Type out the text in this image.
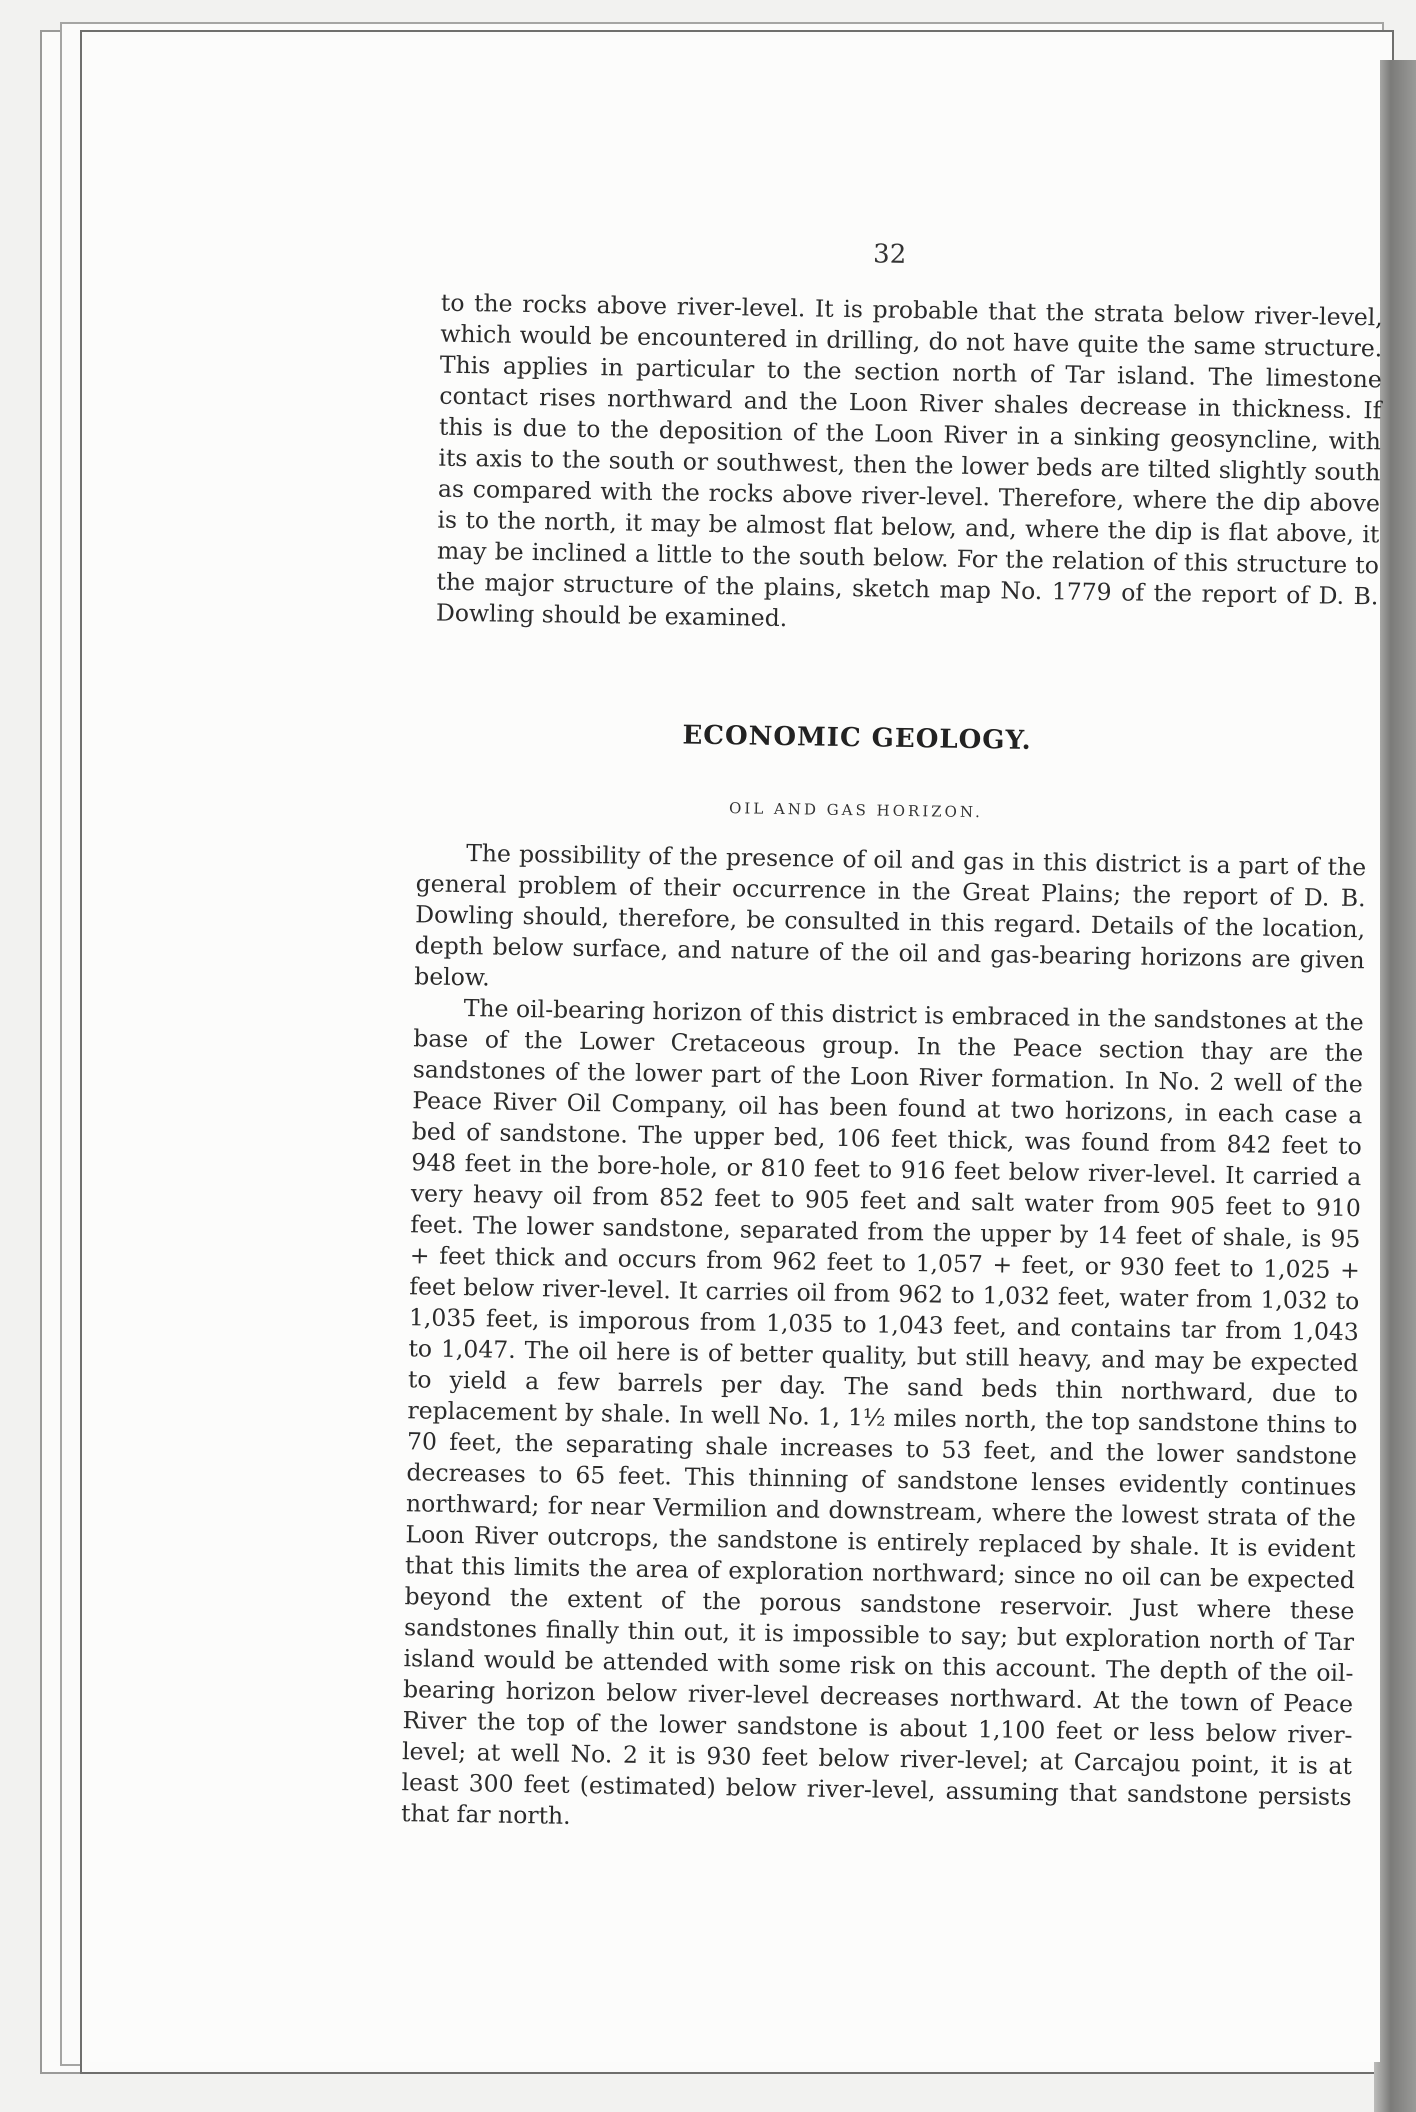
32

to the rocks above river-level. It is probable that the strata below river-level, which would be encountered in drilling, do not have quite the same structure. This applies in particular to the section north of Tar island. The limestone contact rises northward and the Loon River shales decrease in thickness. If this is due to the deposition of the Loon River in a sinking geosyncline, with its axis to the south or southwest, then the lower beds are tilted slightly south as compared with the rocks above river-level. Therefore, where the dip above is to the north, it may be almost flat below, and, where the dip is flat above, it may be inclined a little to the south below. For the relation of this structure to the major structure of the plains, sketch map No. 1779 of the report of D. B. Dowling should be examined.

ECONOMIC GEOLOGY.
OIL AND GAS HORIZON.

The possibility of the presence of oil and gas in this district is a part of the general problem of their occurrence in the Great Plains; the report of D. B. Dowling should, therefore, be consulted in this regard. Details of the location, depth below surface, and nature of the oil and gas-bearing horizons are given below.

The oil-bearing horizon of this district is embraced in the sandstones at the base of the Lower Cretaceous group. In the Peace section thay are the sandstones of the lower part of the Loon River formation. In No. 2 well of the Peace River Oil Company, oil has been found at two horizons, in each case a bed of sandstone. The upper bed, 106 feet thick, was found from 842 feet to 948 feet in the bore-hole, or 810 feet to 916 feet below river-level. It carried a very heavy oil from 852 feet to 905 feet and salt water from 905 feet to 910 feet. The lower sandstone, separated from the upper by 14 feet of shale, is 95 + feet thick and occurs from 962 feet to 1,057 + feet, or 930 feet to 1,025 + feet below river-level. It carries oil from 962 to 1,032 feet, water from 1,032 to 1,035 feet, is imporous from 1,035 to 1,043 feet, and contains tar from 1,043 to 1,047. The oil here is of better quality, but still heavy, and may be expected to yield a few barrels per day. The sand beds thin northward, due to replacement by shale. In well No. 1, 1½ miles north, the top sandstone thins to 70 feet, the separating shale increases to 53 feet, and the lower sandstone decreases to 65 feet. This thinning of sandstone lenses evidently continues northward; for near Vermilion and downstream, where the lowest strata of the Loon River outcrops, the sandstone is entirely replaced by shale. It is evident that this limits the area of exploration northward; since no oil can be expected beyond the extent of the porous sandstone reservoir. Just where these sandstones finally thin out, it is impossible to say; but exploration north of Tar island would be attended with some risk on this account. The depth of the oil-bearing horizon below river-level decreases northward. At the town of Peace River the top of the lower sandstone is about 1,100 feet or less below river-level; at well No. 2 it is 930 feet below river-level; at Carcajou point, it is at least 300 feet (estimated) below river-level, assuming that sandstone persists that far north.
